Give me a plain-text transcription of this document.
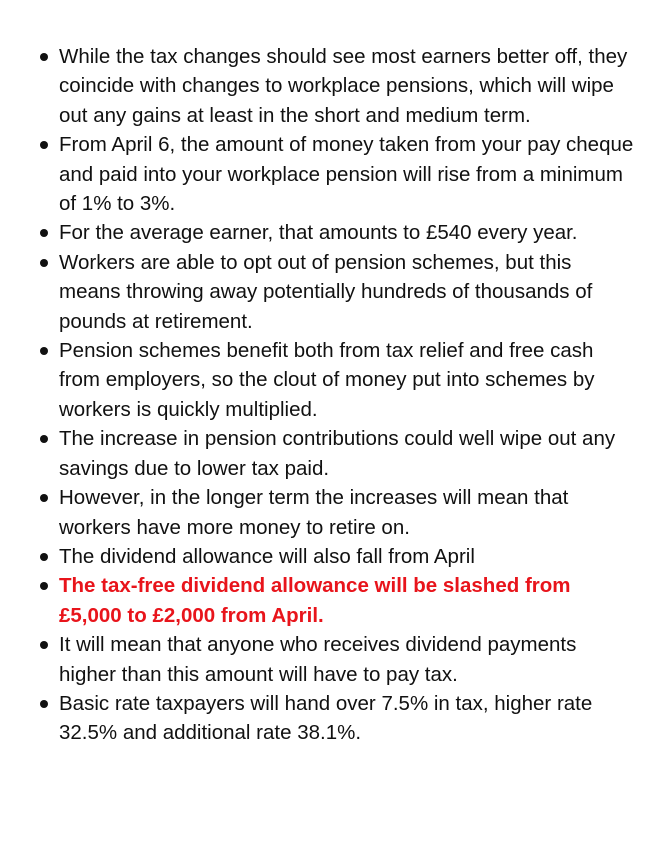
While the tax changes should see most earners better off, they coincide with changes to workplace pensions, which will wipe out any gains at least in the short and medium term.
From April 6, the amount of money taken from your pay cheque and paid into your workplace pension will rise from a minimum of 1% to 3%.
For the average earner, that amounts to £540 every year.
Workers are able to opt out of pension schemes, but this means throwing away potentially hundreds of thousands of pounds at retirement.
Pension schemes benefit both from tax relief and free cash from employers, so the clout of money put into schemes by workers is quickly multiplied.
The increase in pension contributions could well wipe out any savings due to lower tax paid.
However, in the longer term the increases will mean that workers have more money to retire on.
The dividend allowance will also fall from April
The tax-free dividend allowance will be slashed from £5,000 to £2,000 from April.
It will mean that anyone who receives dividend payments higher than this amount will have to pay tax.
Basic rate taxpayers will hand over 7.5% in tax, higher rate 32.5% and additional rate 38.1%.
